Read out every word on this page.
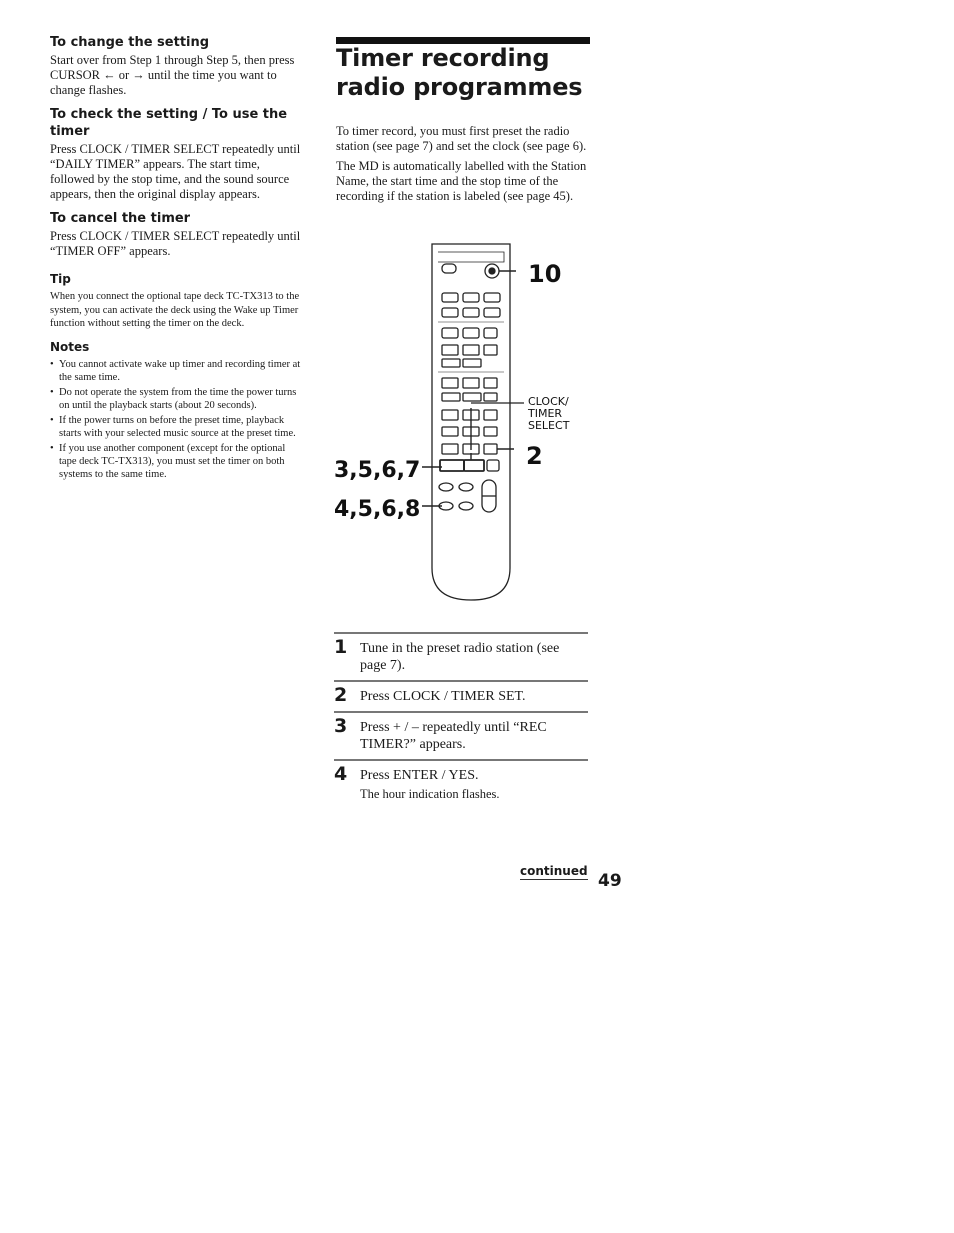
To change the setting

Start over from Step 1 through Step 5, then press CURSOR ← or → until the time you want to change flashes.

To check the setting / To use the timer

Press CLOCK / TIMER SELECT repeatedly until “DAILY TIMER” appears. The start time, followed by the stop time, and the sound source appears, then the original display appears.

To cancel the timer

Press CLOCK / TIMER SELECT repeatedly until “TIMER OFF” appears.

Tip

When you connect the optional tape deck TC-TX313 to the system, you can activate the deck using the Wake up Timer function without setting the timer on the deck.

Notes
• You cannot activate wake up timer and recording timer at the same time.
• Do not operate the system from the time the power turns on until the playback starts (about 20 seconds).
• If the power turns on before the preset time, playback starts with your selected music source at the preset time.
• If you use another component (except for the optional tape deck TC-TX313), you must set the timer on both systems to the same time.
Timer recording radio programmes

To timer record, you must first preset the radio station (see page 7) and set the clock (see page 6).

The MD is automatically labelled with the Station Name, the start time and the stop time of the recording if the station is labeled (see page 45).

10
2
3,5,6,7
4,5,6,8
CLOCK/
TIMER
SELECT
1 Tune in the preset radio station (see page 7).
2 Press CLOCK / TIMER SET.
3 Press + / – repeatedly until “REC TIMER?” appears.
4 Press ENTER / YES.
The hour indication flashes.
continued 49
